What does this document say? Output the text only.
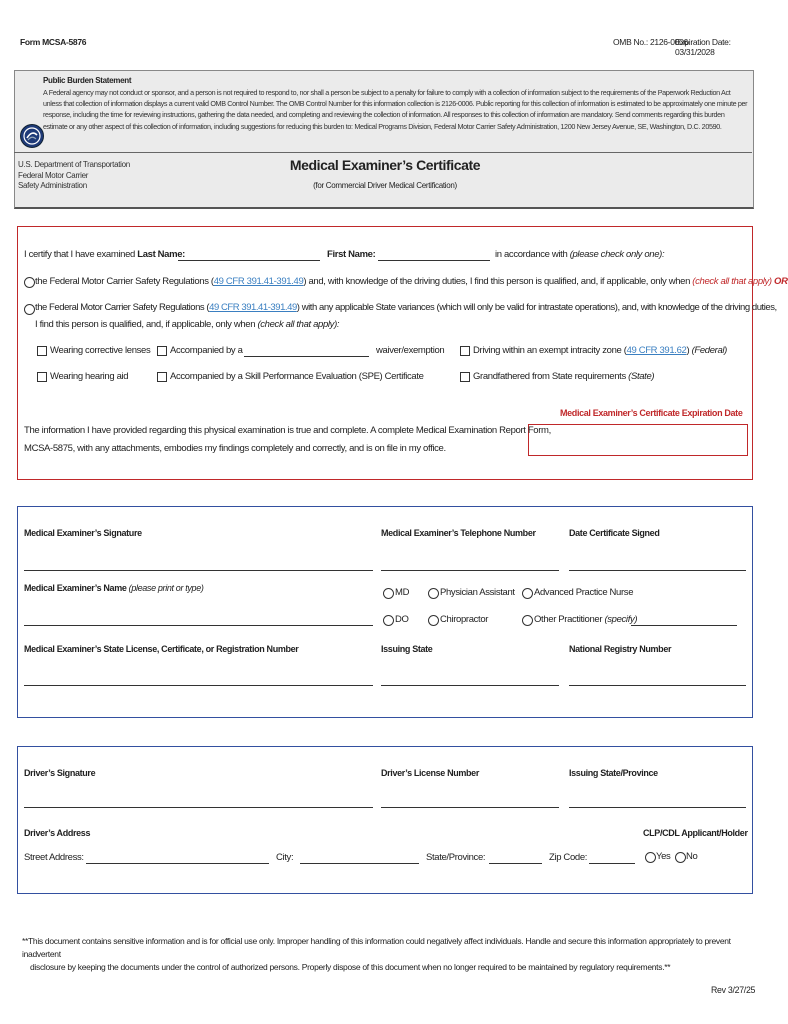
Form MCSA-5876	OMB No.: 2126-0006
Expiration Date: 03/31/2028
Public Burden Statement
A Federal agency may not conduct or sponsor, and a person is not required to respond to, nor shall a person be subject to a penalty for failure to comply with a collection of information subject to the requirements of the Paperwork Reduction Act unless that collection of information displays a current valid OMB Control Number. The OMB Control Number for this information collection is 2126-0006. Public reporting for this collection of information is estimated to be approximately one minute per response, including the time for reviewing instructions, gathering the data needed, and completing and reviewing the collection of information. All responses to this collection of information are mandatory. Send comments regarding this burden estimate or any other aspect of this collection of information, including suggestions for reducing this burden to: Medical Programs Division, Federal Motor Carrier Safety Administration, 1200 New Jersey Avenue, SE, Washington, D.C. 20590.
U.S. Department of Transportation
Federal Motor Carrier
Safety Administration
Medical Examiner’s Certificate
(for Commercial Driver Medical Certification)
I certify that I have examined Last Name:	First Name:	in accordance with (please check only one):
the Federal Motor Carrier Safety Regulations (49 CFR 391.41-391.49) and, with knowledge of the driving duties, I find this person is qualified, and, if applicable, only when (check all that apply) OR
the Federal Motor Carrier Safety Regulations (49 CFR 391.41-391.49) with any applicable State variances (which will only be valid for intrastate operations), and, with knowledge of the driving duties,
I find this person is qualified, and, if applicable, only when (check all that apply):
Wearing corrective lenses Accompanied by a	waiver/exemption	Driving within an exempt intracity zone (49 CFR 391.62) (Federal)
Wearing hearing aid	Accompanied by a Skill Performance Evaluation (SPE) Certificate	Grandfathered from State requirements (State)
Medical Examiner’s Certificate Expiration Date
The information I have provided regarding this physical examination is true and complete. A complete Medical Examination Report Form,
MCSA-5875, with any attachments, embodies my findings completely and correctly, and is on file in my office.
Medical Examiner’s Signature	Medical Examiner’s Telephone Number	Date Certificate Signed
Medical Examiner’s Name (please print or type)	MD	Physician Assistant Advanced Practice Nurse
DO	Chiropractor	Other Practitioner (specify)
Medical Examiner’s State License, Certificate, or Registration Number	Issuing State	National Registry Number
Driver’s Signature	Driver’s License Number	Issuing State/Province
Driver’s Address	CLP/CDL Applicant/Holder
Street Address:	City:	State/Province:	Zip Code:	Yes No
**This document contains sensitive information and is for official use only. Improper handling of this information could negatively affect individuals. Handle and secure this information appropriately to prevent inadvertent
disclosure by keeping the documents under the control of authorized persons. Properly dispose of this document when no longer required to be maintained by regulatory requirements.**
Rev 3/27/25
